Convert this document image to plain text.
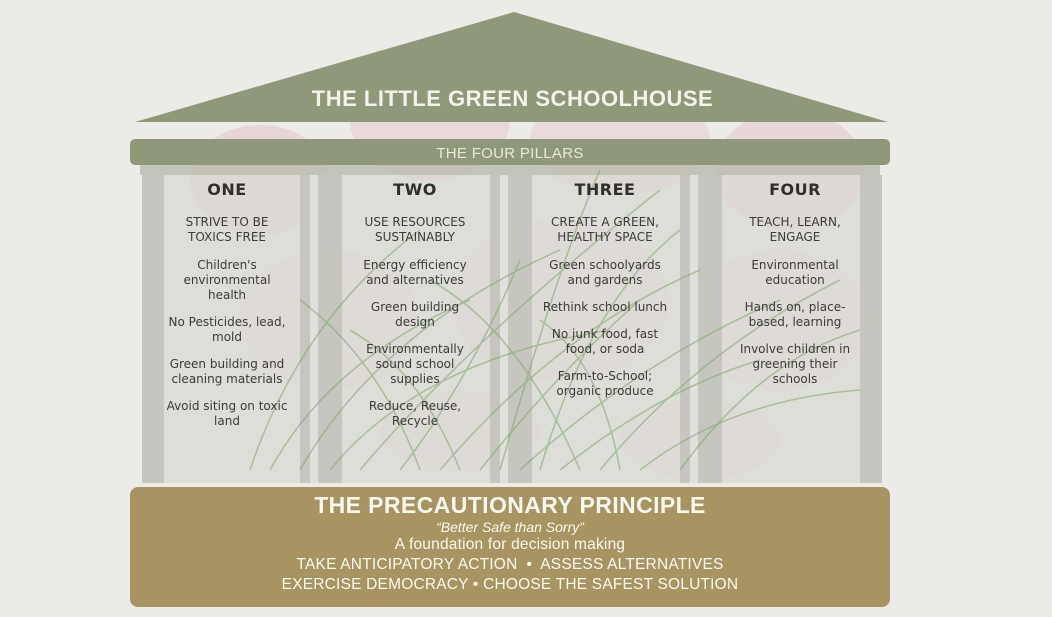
THE LITTLE GREEN SCHOOLHOUSE
THE FOUR PILLARS
ONE
STRIVE TO BE TOXICS FREE
Children's environmental health
No Pesticides, lead, mold
Green building and cleaning materials
Avoid siting on toxic land
TWO
USE RESOURCES SUSTAINABLY
Energy efficiency and alternatives
Green building design
Environmentally sound school supplies
Reduce, Reuse, Recycle
THREE
CREATE A GREEN, HEALTHY SPACE
Green schoolyards and gardens
Rethink school lunch
No junk food, fast food, or soda
Farm-to-School; organic produce
FOUR
TEACH, LEARN, ENGAGE
Environmental education
Hands on, place-based, learning
Involve children in greening their schools
THE PRECAUTIONARY PRINCIPLE
“Better Safe than Sorry”
A foundation for decision making
TAKE ANTICIPATORY ACTION  •  ASSESS ALTERNATIVES
EXERCISE DEMOCRACY • CHOOSE THE SAFEST SOLUTION
